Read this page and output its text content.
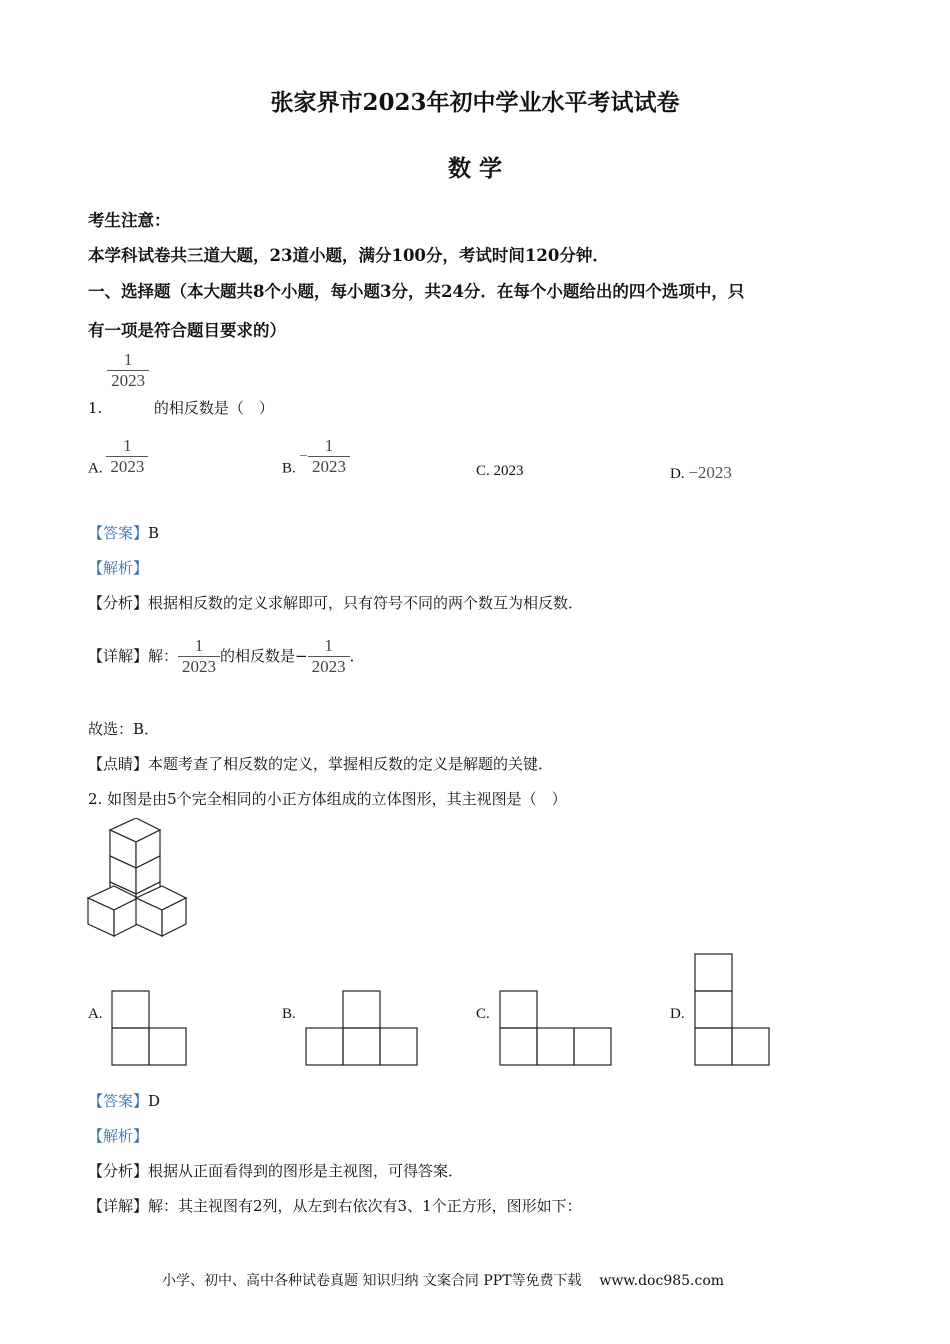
张家界市2023年初中学业水平考试试卷
数 学
考生注意：
本学科试卷共三道大题，23道小题，满分100分，考试时间120分钟．
一、选择题（本大题共8个小题，每小题3分，共24分．在每个小题给出的四个选项中，只
有一项是符合题目要求的）
1.
$\frac{1}{2023}$
的相反数是（　）
A. $\frac{1}{2023}$	B. − $\frac{1}{2023}$	C. 2023	D. −2023
【答案】B
【解析】
【分析】根据相反数的定义求解即可，只有符号不同的两个数互为相反数．
【详解】解： $\frac{1}{2023}$ 的相反数是− $\frac{1}{2023}$ ．
故选：B．
【点睛】本题考查了相反数的定义，掌握相反数的定义是解题的关键．
2. 如图是由5个完全相同的小正方体组成的立体图形，其主视图是（　）
A.	B.	C.	D.
【答案】D
【解析】
【分析】根据从正面看得到的图形是主视图，可得答案．
【详解】解：其主视图有2列，从左到右依次有3、1个正方形，图形如下：
小学、初中、高中各种试卷真题 知识归纳 文案合同 PPT等免费下载 www.doc985.com
